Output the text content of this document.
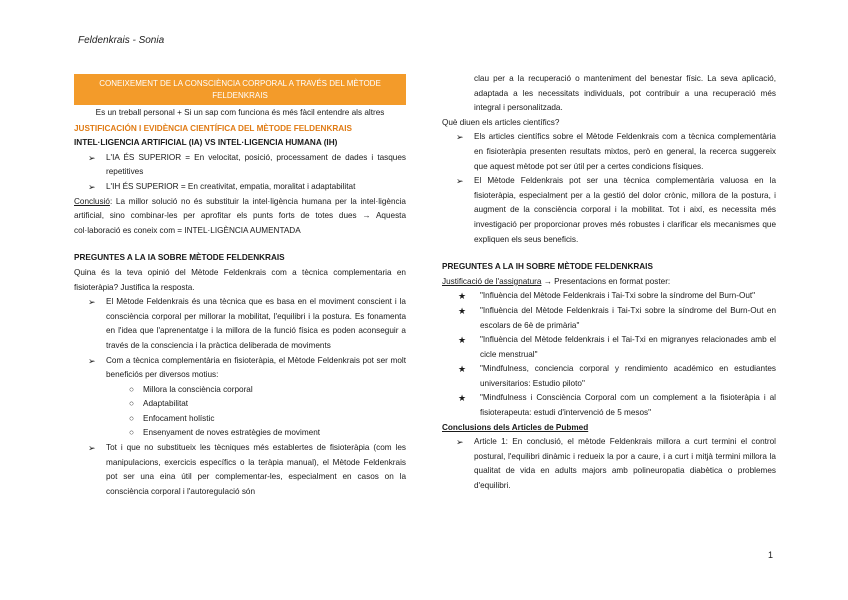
Feldenkrais - Sonia
CONEIXEMENT DE LA CONSCIÈNCIA CORPORAL A TRAVÉS DEL MÈTODE FELDENKRAIS
Es un treball personal + Si un sap com funciona és més fàcil entendre als altres
JUSTIFICACIÓN I EVIDÈNCIA CIENTÍFICA DEL MÈTODE FELDENKRAIS
INTEL·LIGENCIA ARTIFICIAL (IA) VS INTEL·LIGENCIA HUMANA (IH)
➢	L'IA ÉS SUPERIOR = En velocitat, posició, processament de dades i tasques repetitives
➢	L'IH ÉS SUPERIOR = En creativitat, empatia, moralitat i adaptabilitat
Conclusió: La millor solució no és substituir la intel·ligència humana per la intel·ligència artificial, sino combinar-les per aprofitar els punts forts de totes dues → Aquesta col·laboració es coneix com = INTEL·LIGÈNCIA AUMENTADA
PREGUNTES A LA IA SOBRE MÈTODE FELDENKRAIS
Quina és la teva opinió del Mètode Feldenkrais com a tècnica complementaria en fisioteràpia? Justifica la resposta.
➢	El Mètode Feldenkrais és una tècnica que es basa en el moviment conscient i la consciència corporal per millorar la mobilitat, l'equilibri i la postura. Es fonamenta en l'idea que l'aprenentatge i la millora de la funció física es poden aconseguir a través de la consciencia i la pràctica deliberada de moviments
➢	Com a tècnica complementària en fisioteràpia, el Mètode Feldenkrais pot ser molt beneficiós per diversos motius:
○	Millora la consciència corporal
○	Adaptabilitat
○	Enfocament holístic
○	Ensenyament de noves estratègies de moviment
➢	Tot i que no substitueix les tècniques més establertes de fisioteràpia (com les manipulacions, exercicis específics o la teràpia manual), el Mètode Feldenkrais pot ser una eina útil per complementar-les, especialment en casos on la consciència corporal i l'autoregulació són
clau per a la recuperació o manteniment del benestar físic. La seva aplicació, adaptada a les necessitats individuals, pot contribuir a una recuperació més integral i personalitzada.
Què diuen els articles científics?
➢	Els articles científics sobre el Mètode Feldenkrais com a tècnica complementària en fisioteràpia presenten resultats mixtos, però en general, la recerca suggereix que aquest mètode pot ser útil per a certes condicions físiques.
➢	El Mètode Feldenkrais pot ser una tècnica complementària valuosa en la fisioteràpia, especialment per a la gestió del dolor crònic, millora de la postura, i augment de la consciència corporal i la mobilitat. Tot i així, es necessita més investigació per proporcionar proves més robustes i clarificar els mecanismes que expliquen els seus beneficis.
PREGUNTES A LA IH SOBRE MÈTODE FELDENKRAIS
Justificació de l'assignatura → Presentacions en format poster:
★	"Influència del Mètode Feldenkrais i Tai-Txi sobre la síndrome del Burn-Out"
★	"Influència del Mètode Feldenkrais i Tai-Txi sobre la síndrome del Burn-Out en escolars de 6è de primària"
★	"Influència del Mètode feldenkrais i el Tai-Txi en migranyes relacionades amb el cicle menstrual"
★	"Mindfulness, conciencia corporal y rendimiento académico en estudiantes universitarios: Estudio piloto"
★	"Mindfulness i Consciència Corporal com un complement a la fisioteràpia i al fisioterapeuta: estudi d'intervenció de 5 mesos"
Conclusions dels Articles de Pubmed
➢	Article 1: En conclusió, el mètode Feldenkrais millora a curt termini el control postural, l'equilibri dinàmic i redueix la por a caure, i a curt i mitjà termini millora la qualitat de vida en adults majors amb polineuropatia diabètica o problemes d'equilibri.
1
